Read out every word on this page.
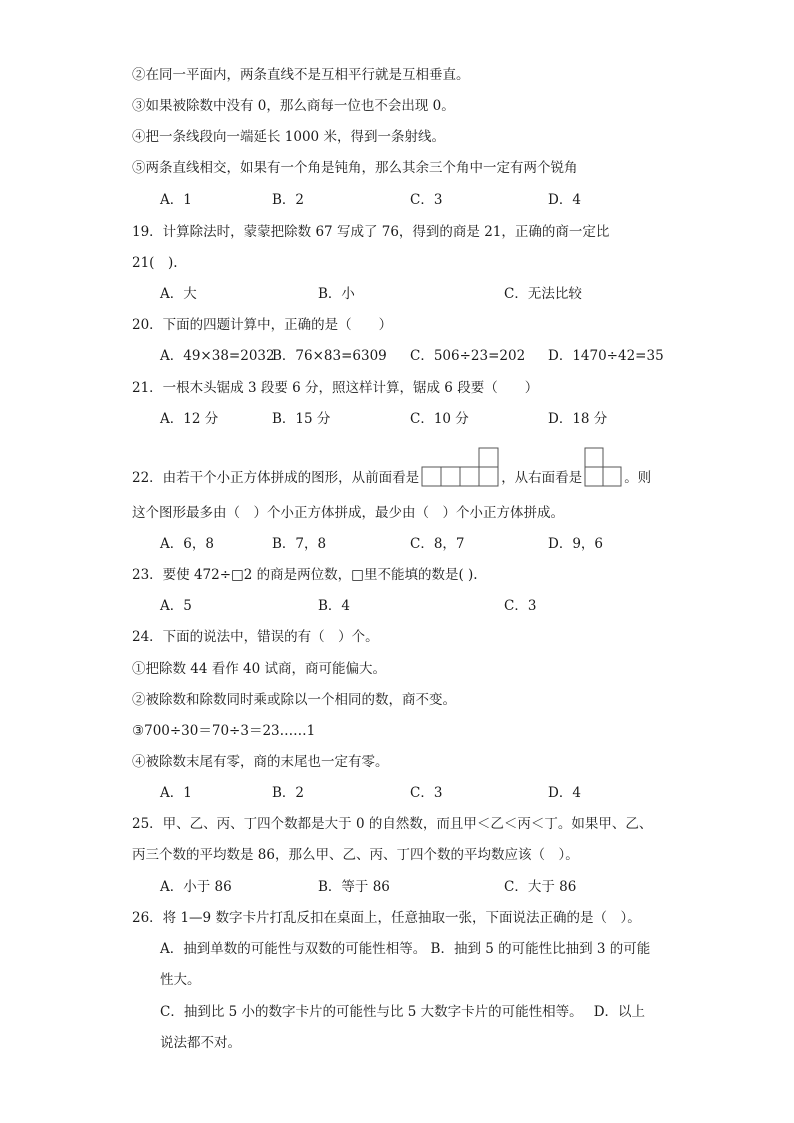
②在同一平面内，两条直线不是互相平行就是互相垂直。
③如果被除数中没有 0，那么商每一位也不会出现 0。
④把一条线段向一端延长 1000 米，得到一条射线。
⑤两条直线相交，如果有一个角是钝角，那么其余三个角中一定有两个锐角
A．1	B．2	C．3	D．4
19．计算除法时，蒙蒙把除数 67 写成了 76，得到的商是 21，正确的商一定比
21(　).
A．大	B．小	C．无法比较
20．下面的四题计算中，正确的是（　　）
A．49×38=2032
B．76×83=6309 C．506÷23=202 D．1470÷42=35
21．一根木头锯成 3 段要 6 分，照这样计算，锯成 6 段要（　　）
A．12 分	B．15 分	C．10 分	D．18 分
22．由若干个小正方体拼成的图形，从前面看是	，从右面看是	。则
这个图形最多由（　）个小正方体拼成，最少由（　）个小正方体拼成。
A．6，8	B．7，8	C．8，7	D．9，6
23．要使 472÷□2 的商是两位数，□里不能填的数是( ).
A．5	B．4	C．3
24．下面的说法中，错误的有（　）个。
①把除数 44 看作 40 试商，商可能偏大。
②被除数和除数同时乘或除以一个相同的数，商不变。
③700÷30＝70÷3＝23……1
④被除数末尾有零，商的末尾也一定有零。
A．1	B．2	C．3	D．4
25．甲、乙、丙、丁四个数都是大于 0 的自然数，而且甲＜乙＜丙＜丁。如果甲、乙、
丙三个数的平均数是 86，那么甲、乙、丙、丁四个数的平均数应该（　）。
A．小于 86	B．等于 86	C．大于 86
26．将 1—9 数字卡片打乱反扣在桌面上，任意抽取一张，下面说法正确的是（　）。
A．抽到单数的可能性与双数的可能性相等。 B．抽到 5 的可能性比抽到 3 的可能
性大。
C．抽到比 5 小的数字卡片的可能性与比 5 大数字卡片的可能性相等。　 D．以上
说法都不对。
